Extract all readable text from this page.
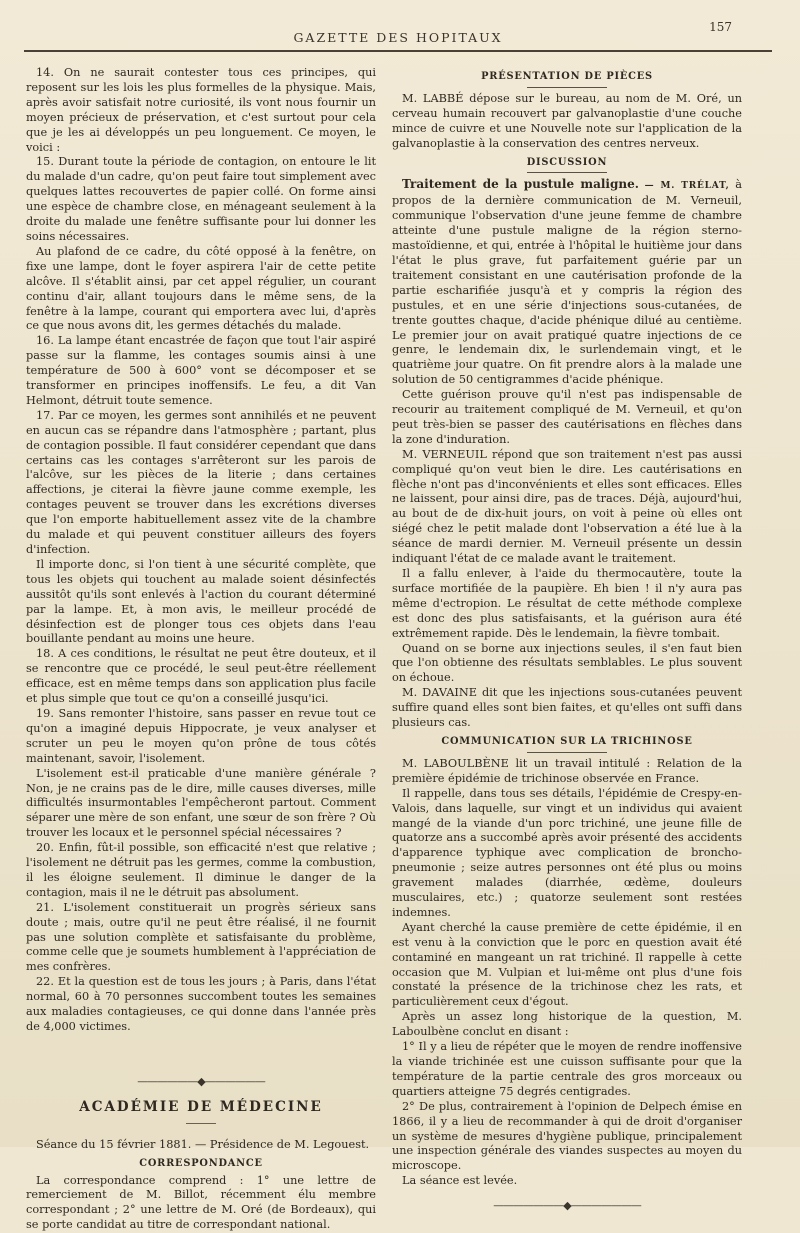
GAZETTE DES HOPITAUX
157

14. On ne saurait contester tous ces principes, qui reposent sur les lois les plus formelles de la physique. Mais, après avoir satisfait notre curiosité, ils vont nous fournir un moyen précieux de préservation, et c'est surtout pour cela que je les ai développés un peu longuement. Ce moyen, le voici :

15. Durant toute la période de contagion, on entoure le lit du malade d'un cadre, qu'on peut faire tout simplement avec quelques lattes recouvertes de papier collé. On forme ainsi une espèce de chambre close, en ménageant seulement à la droite du malade une fenêtre suffisante pour lui donner les soins nécessaires.

Au plafond de ce cadre, du côté opposé à la fenêtre, on fixe une lampe, dont le foyer aspirera l'air de cette petite alcôve. Il s'établit ainsi, par cet appel régulier, un courant continu d'air, allant toujours dans le même sens, de la fenêtre à la lampe, courant qui emportera avec lui, d'après ce que nous avons dit, les germes détachés du malade.

16. La lampe étant encastrée de façon que tout l'air aspiré passe sur la flamme, les contages soumis ainsi à une température de 500 à 600° vont se décomposer et se transformer en principes inoffensifs. Le feu, a dit Van Helmont, détruit toute semence.

17. Par ce moyen, les germes sont annihilés et ne peuvent en aucun cas se répandre dans l'atmosphère ; partant, plus de contagion possible. Il faut considérer cependant que dans certains cas les contages s'arrêteront sur les parois de l'alcôve, sur les pièces de la literie ; dans certaines affections, je citerai la fièvre jaune comme exemple, les contages peuvent se trouver dans les excrétions diverses que l'on emporte habituellement assez vite de la chambre du malade et qui peuvent constituer ailleurs des foyers d'infection.

Il importe donc, si l'on tient à une sécurité complète, que tous les objets qui touchent au malade soient désinfectés aussitôt qu'ils sont enlevés à l'action du courant déterminé par la lampe. Et, à mon avis, le meilleur procédé de désinfection est de plonger tous ces objets dans l'eau bouillante pendant au moins une heure.

18. A ces conditions, le résultat ne peut être douteux, et il se rencontre que ce procédé, le seul peut-être réellement efficace, est en même temps dans son application plus facile et plus simple que tout ce qu'on a conseillé jusqu'ici.

19. Sans remonter l'histoire, sans passer en revue tout ce qu'on a imaginé depuis Hippocrate, je veux analyser et scruter un peu le moyen qu'on prône de tous côtés maintenant, savoir, l'isolement.

L'isolement est-il praticable d'une manière générale ? Non, je ne crains pas de le dire, mille causes diverses, mille difficultés insurmontables l'empêcheront partout. Comment séparer une mère de son enfant, une sœur de son frère ? Où trouver les locaux et le personnel spécial nécessaires ?

20. Enfin, fût-il possible, son efficacité n'est que relative ; l'isolement ne détruit pas les germes, comme la combustion, il les éloigne seulement. Il diminue le danger de la contagion, mais il ne le détruit pas absolument.

21. L'isolement constituerait un progrès sérieux sans doute ; mais, outre qu'il ne peut être réalisé, il ne fournit pas une solution complète et satisfaisante du problème, comme celle que je soumets humblement à l'appréciation de mes confrères.

22. Et la question est de tous les jours ; à Paris, dans l'état normal, 60 à 70 personnes succombent toutes les semaines aux maladies contagieuses, ce qui donne dans l'année près de 4,000 victimes.

——————◆——————
ACADÉMIE DE MÉDECINE

Séance du 15 février 1881. — Présidence de M. Legouest.

CORRESPONDANCE

La correspondance comprend : 1° une lettre de remerciement de M. Billot, récemment élu membre correspondant ; 2° une lettre de M. Oré (de Bordeaux), qui se porte candidat au titre de correspondant national.

PRÉSENTATION DE PIÈCES

M. LABBÉ dépose sur le bureau, au nom de M. Oré, un cerveau humain recouvert par galvanoplastie d'une couche mince de cuivre et une Nouvelle note sur l'application de la galvanoplastie à la conservation des centres nerveux.

DISCUSSION

Traitement de la pustule maligne. — M. TRÉLAT, à propos de la dernière communication de M. Verneuil, communique l'observation d'une jeune femme de chambre atteinte d'une pustule maligne de la région sterno-mastoïdienne, et qui, entrée à l'hôpital le huitième jour dans l'état le plus grave, fut parfaitement guérie par un traitement consistant en une cautérisation profonde de la partie escharifiée jusqu'à et y compris la région des pustules, et en une série d'injections sous-cutanées, de trente gouttes chaque, d'acide phénique dilué au centième. Le premier jour on avait pratiqué quatre injections de ce genre, le lendemain dix, le surlendemain vingt, et le quatrième jour quatre. On fit prendre alors à la malade une solution de 50 centigrammes d'acide phénique.

Cette guérison prouve qu'il n'est pas indispensable de recourir au traitement compliqué de M. Verneuil, et qu'on peut très-bien se passer des cautérisations en flèches dans la zone d'induration.

M. VERNEUIL répond que son traitement n'est pas aussi compliqué qu'on veut bien le dire. Les cautérisations en flèche n'ont pas d'inconvénients et elles sont efficaces. Elles ne laissent, pour ainsi dire, pas de traces. Déjà, aujourd'hui, au bout de de dix-huit jours, on voit à peine où elles ont siégé chez le petit malade dont l'observation a été lue à la séance de mardi dernier. M. Verneuil présente un dessin indiquant l'état de ce malade avant le traitement.

Il a fallu enlever, à l'aide du thermocautère, toute la surface mortifiée de la paupière. Eh bien ! il n'y aura pas même d'ectropion. Le résultat de cette méthode complexe est donc des plus satisfaisants, et la guérison aura été extrêmement rapide. Dès le lendemain, la fièvre tombait.

Quand on se borne aux injections seules, il s'en faut bien que l'on obtienne des résultats semblables. Le plus souvent on échoue.

M. DAVAINE dit que les injections sous-cutanées peuvent suffire quand elles sont bien faites, et qu'elles ont suffi dans plusieurs cas.

COMMUNICATION SUR LA TRICHINOSE

M. LABOULBÈNE lit un travail intitulé : Relation de la première épidémie de trichinose observée en France.

Il rappelle, dans tous ses détails, l'épidémie de Crespy-en-Valois, dans laquelle, sur vingt et un individus qui avaient mangé de la viande d'un porc trichiné, une jeune fille de quatorze ans a succombé après avoir présenté des accidents d'apparence typhique avec complication de broncho-pneumonie ; seize autres personnes ont été plus ou moins gravement malades (diarrhée, œdème, douleurs musculaires, etc.) ; quatorze seulement sont restées indemnes.

Ayant cherché la cause première de cette épidémie, il en est venu à la conviction que le porc en question avait été contaminé en mangeant un rat trichiné. Il rappelle à cette occasion que M. Vulpian et lui-même ont plus d'une fois constaté la présence de la trichinose chez les rats, et particulièrement ceux d'égout.

Après un assez long historique de la question, M. Laboulbène conclut en disant :

1° Il y a lieu de répéter que le moyen de rendre inoffensive la viande trichinée est une cuisson suffisante pour que la température de la partie centrale des gros morceaux ou quartiers atteigne 75 degrés centigrades.

2° De plus, contrairement à l'opinion de Delpech émise en 1866, il y a lieu de recommander à qui de droit d'organiser un système de mesures d'hygiène publique, principalement une inspection générale des viandes suspectes au moyen du microscope.

La séance est levée.

———————◆———————
